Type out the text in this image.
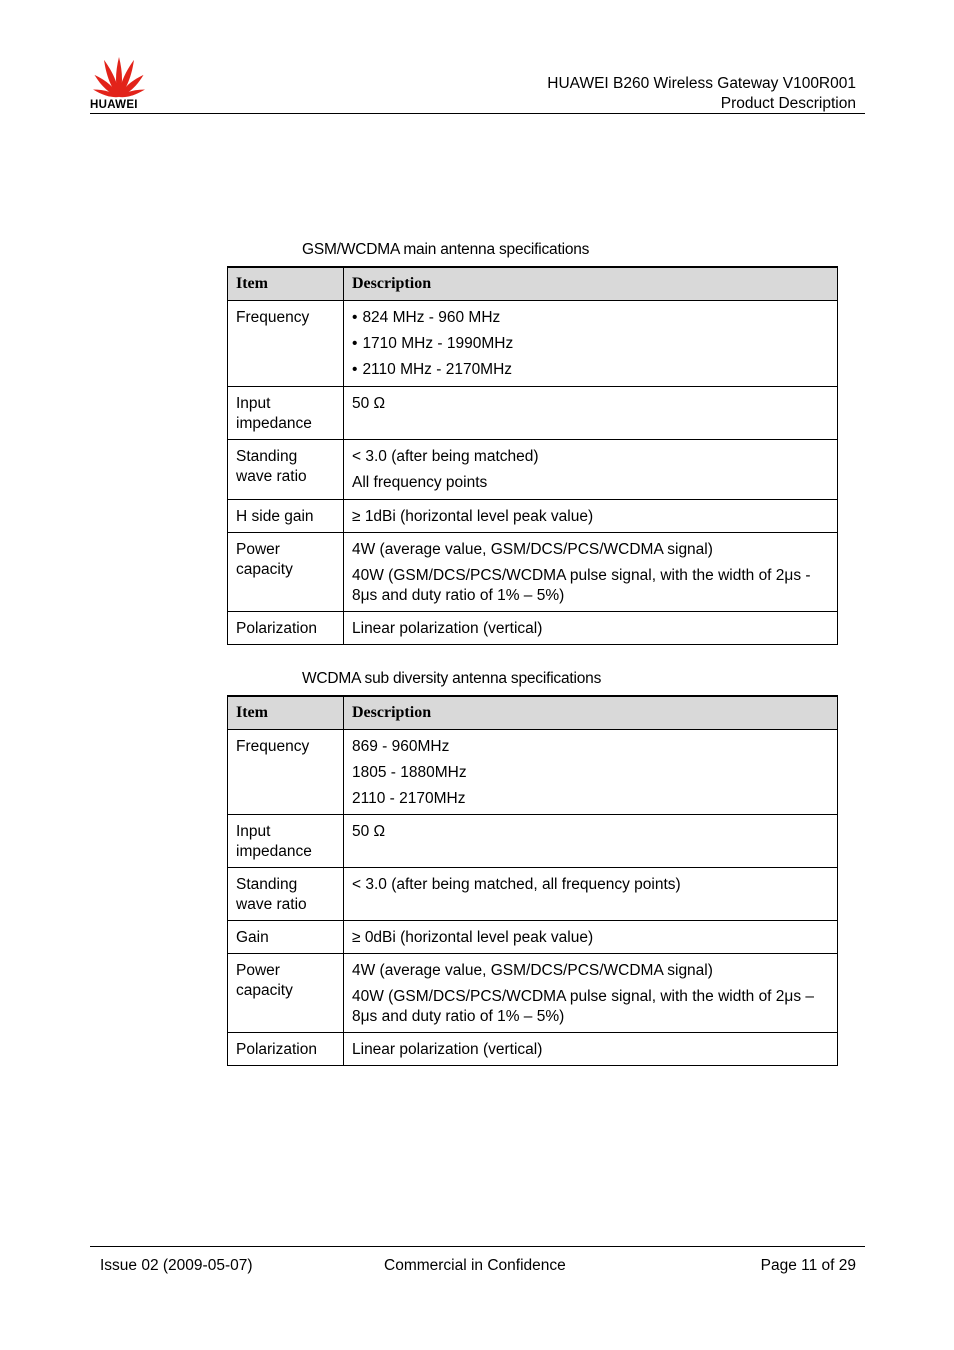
HUAWEI
HUAWEI B260 Wireless Gateway V100R001
Product Description
GSM/WCDMA main antenna specifications
Item	Description

Frequency	• 824 MHz - 960 MHz
• 1710 MHz - 1990MHz
• 2110 MHz - 2170MHz

Input impedance	50 Ω

Standing wave ratio	< 3.0 (after being matched)
All frequency points

H side gain	≥ 1dBi (horizontal level peak value)

Power capacity	4W (average value, GSM/DCS/PCS/WCDMA signal)
40W (GSM/DCS/PCS/WCDMA pulse signal, with the width of 2μs - 8μs and duty ratio of 1% – 5%)

Polarization	Linear polarization (vertical)
WCDMA sub diversity antenna specifications
Item	Description

Frequency	869 - 960MHz
1805 - 1880MHz
2110 - 2170MHz

Input impedance	50 Ω

Standing wave ratio	< 3.0 (after being matched, all frequency points)

Gain	≥ 0dBi (horizontal level peak value)

Power capacity	4W (average value, GSM/DCS/PCS/WCDMA signal)
40W (GSM/DCS/PCS/WCDMA pulse signal, with the width of 2μs – 8μs and duty ratio of 1% – 5%)

Polarization	Linear polarization (vertical)
Issue 02 (2009-05-07)	Commercial in Confidence	Page 11 of 29
